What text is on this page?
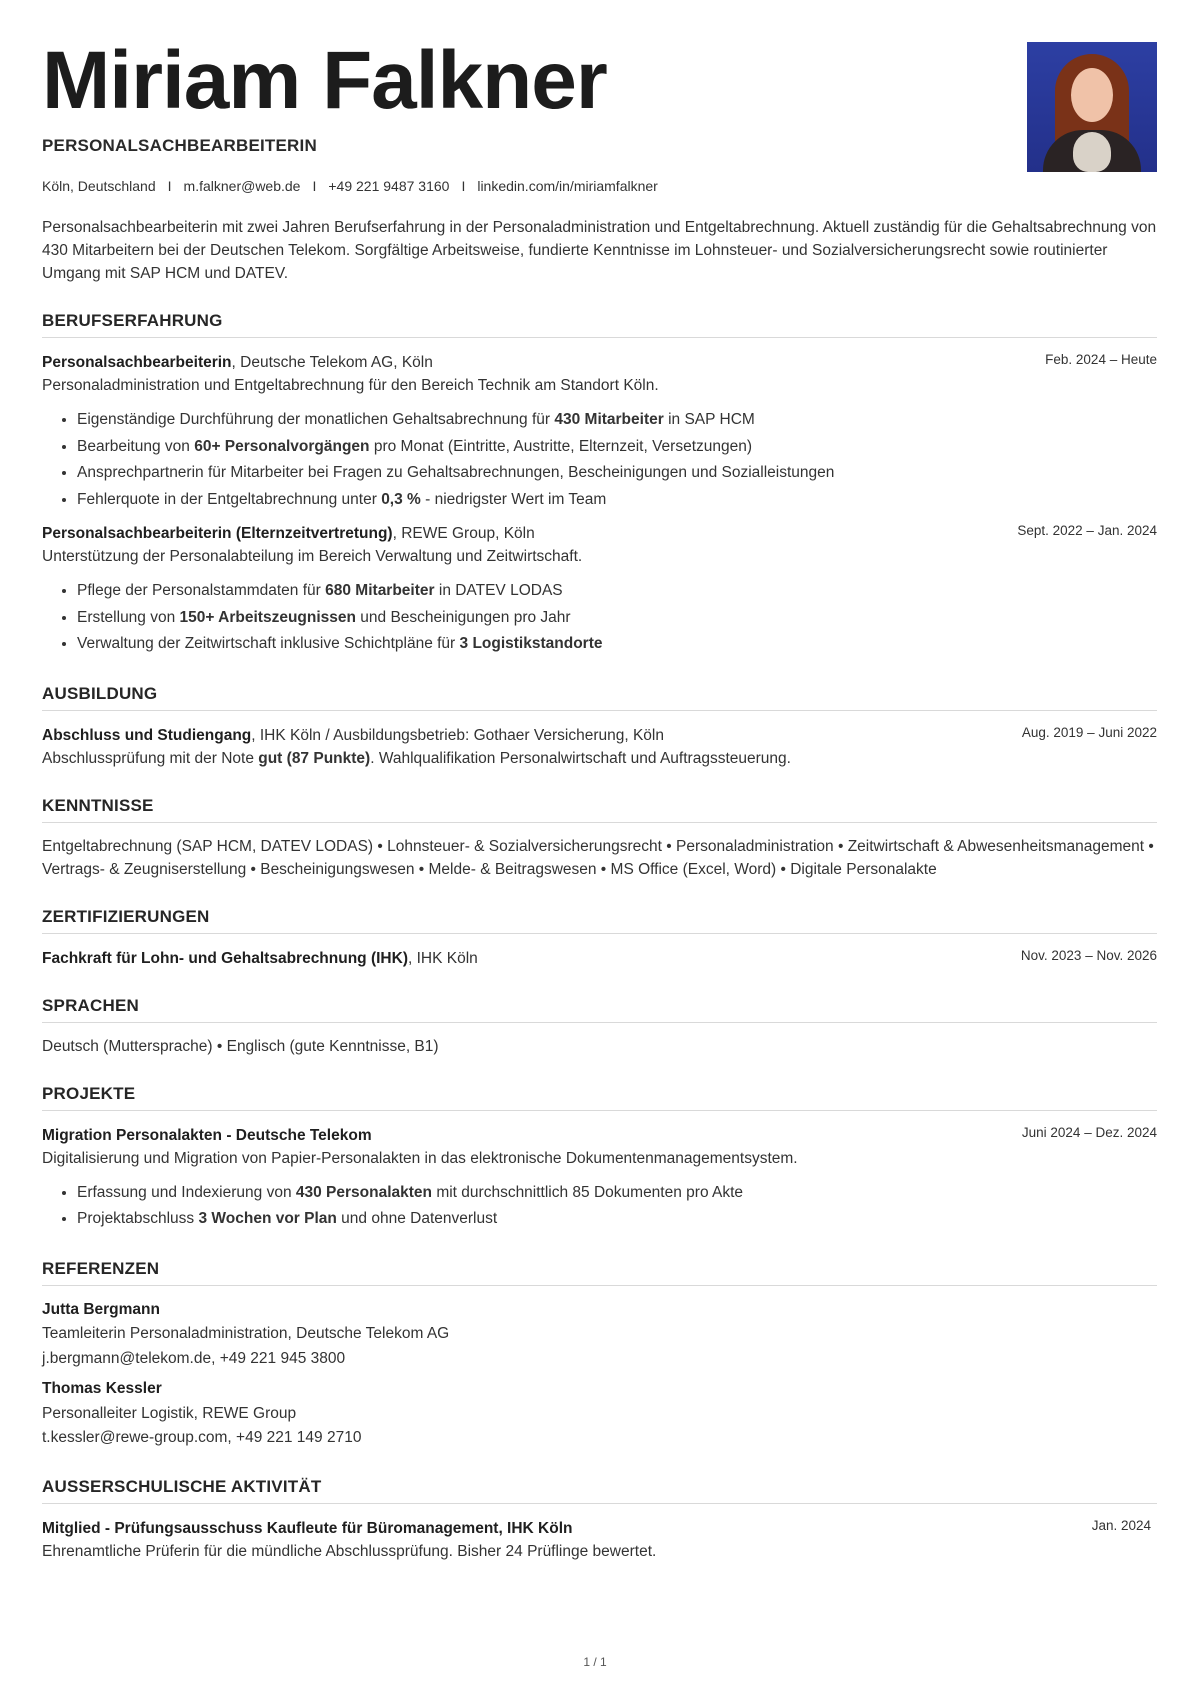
Miriam Falkner
PERSONALSACHBEARBEITERIN
Köln, Deutschland I m.falkner@web.de I +49 221 9487 3160 I linkedin.com/in/miriamfalkner
Personalsachbearbeiterin mit zwei Jahren Berufserfahrung in der Personaladministration und Entgeltabrechnung. Aktuell zuständig für die Gehaltsabrechnung von 430 Mitarbeitern bei der Deutschen Telekom. Sorgfältige Arbeitsweise, fundierte Kenntnisse im Lohnsteuer- und Sozialversicherungsrecht sowie routinierter Umgang mit SAP HCM und DATEV.
BERUFSERFAHRUNG
Personalsachbearbeiterin, Deutsche Telekom AG, Köln	Feb. 2024 – Heute
Personaladministration und Entgeltabrechnung für den Bereich Technik am Standort Köln.
• Eigenständige Durchführung der monatlichen Gehaltsabrechnung für 430 Mitarbeiter in SAP HCM
• Bearbeitung von 60+ Personalvorgängen pro Monat (Eintritte, Austritte, Elternzeit, Versetzungen)
• Ansprechpartnerin für Mitarbeiter bei Fragen zu Gehaltsabrechnungen, Bescheinigungen und Sozialleistungen
• Fehlerquote in der Entgeltabrechnung unter 0,3 % - niedrigster Wert im Team
Personalsachbearbeiterin (Elternzeitvertretung), REWE Group, Köln	Sept. 2022 – Jan. 2024
Unterstützung der Personalabteilung im Bereich Verwaltung und Zeitwirtschaft.
• Pflege der Personalstammdaten für 680 Mitarbeiter in DATEV LODAS
• Erstellung von 150+ Arbeitszeugnissen und Bescheinigungen pro Jahr
• Verwaltung der Zeitwirtschaft inklusive Schichtpläne für 3 Logistikstandorte
AUSBILDUNG
Abschluss und Studiengang, IHK Köln / Ausbildungsbetrieb: Gothaer Versicherung, Köln	Aug. 2019 – Juni 2022
Abschlussprüfung mit der Note gut (87 Punkte). Wahlqualifikation Personalwirtschaft und Auftragssteuerung.
KENNTNISSE
Entgeltabrechnung (SAP HCM, DATEV LODAS) • Lohnsteuer- & Sozialversicherungsrecht • Personaladministration • Zeitwirtschaft & Abwesenheitsmanagement • Vertrags- & Zeugniserstellung • Bescheinigungswesen • Melde- & Beitragswesen • MS Office (Excel, Word) • Digitale Personalakte
ZERTIFIZIERUNGEN
Fachkraft für Lohn- und Gehaltsabrechnung (IHK), IHK Köln	Nov. 2023 – Nov. 2026
SPRACHEN
Deutsch (Muttersprache) • Englisch (gute Kenntnisse, B1)
PROJEKTE
Migration Personalakten - Deutsche Telekom	Juni 2024 – Dez. 2024
Digitalisierung und Migration von Papier-Personalakten in das elektronische Dokumentenmanagementsystem.
• Erfassung und Indexierung von 430 Personalakten mit durchschnittlich 85 Dokumenten pro Akte
• Projektabschluss 3 Wochen vor Plan und ohne Datenverlust
REFERENZEN
Jutta Bergmann
Teamleiterin Personaladministration, Deutsche Telekom AG
j.bergmann@telekom.de, +49 221 945 3800
Thomas Kessler
Personalleiter Logistik, REWE Group
t.kessler@rewe-group.com, +49 221 149 2710
AUSSERSCHULISCHE AKTIVITÄT
Mitglied - Prüfungsausschuss Kaufleute für Büromanagement, IHK Köln	Jan. 2024
Ehrenamtliche Prüferin für die mündliche Abschlussprüfung. Bisher 24 Prüflinge bewertet.
1 / 1
